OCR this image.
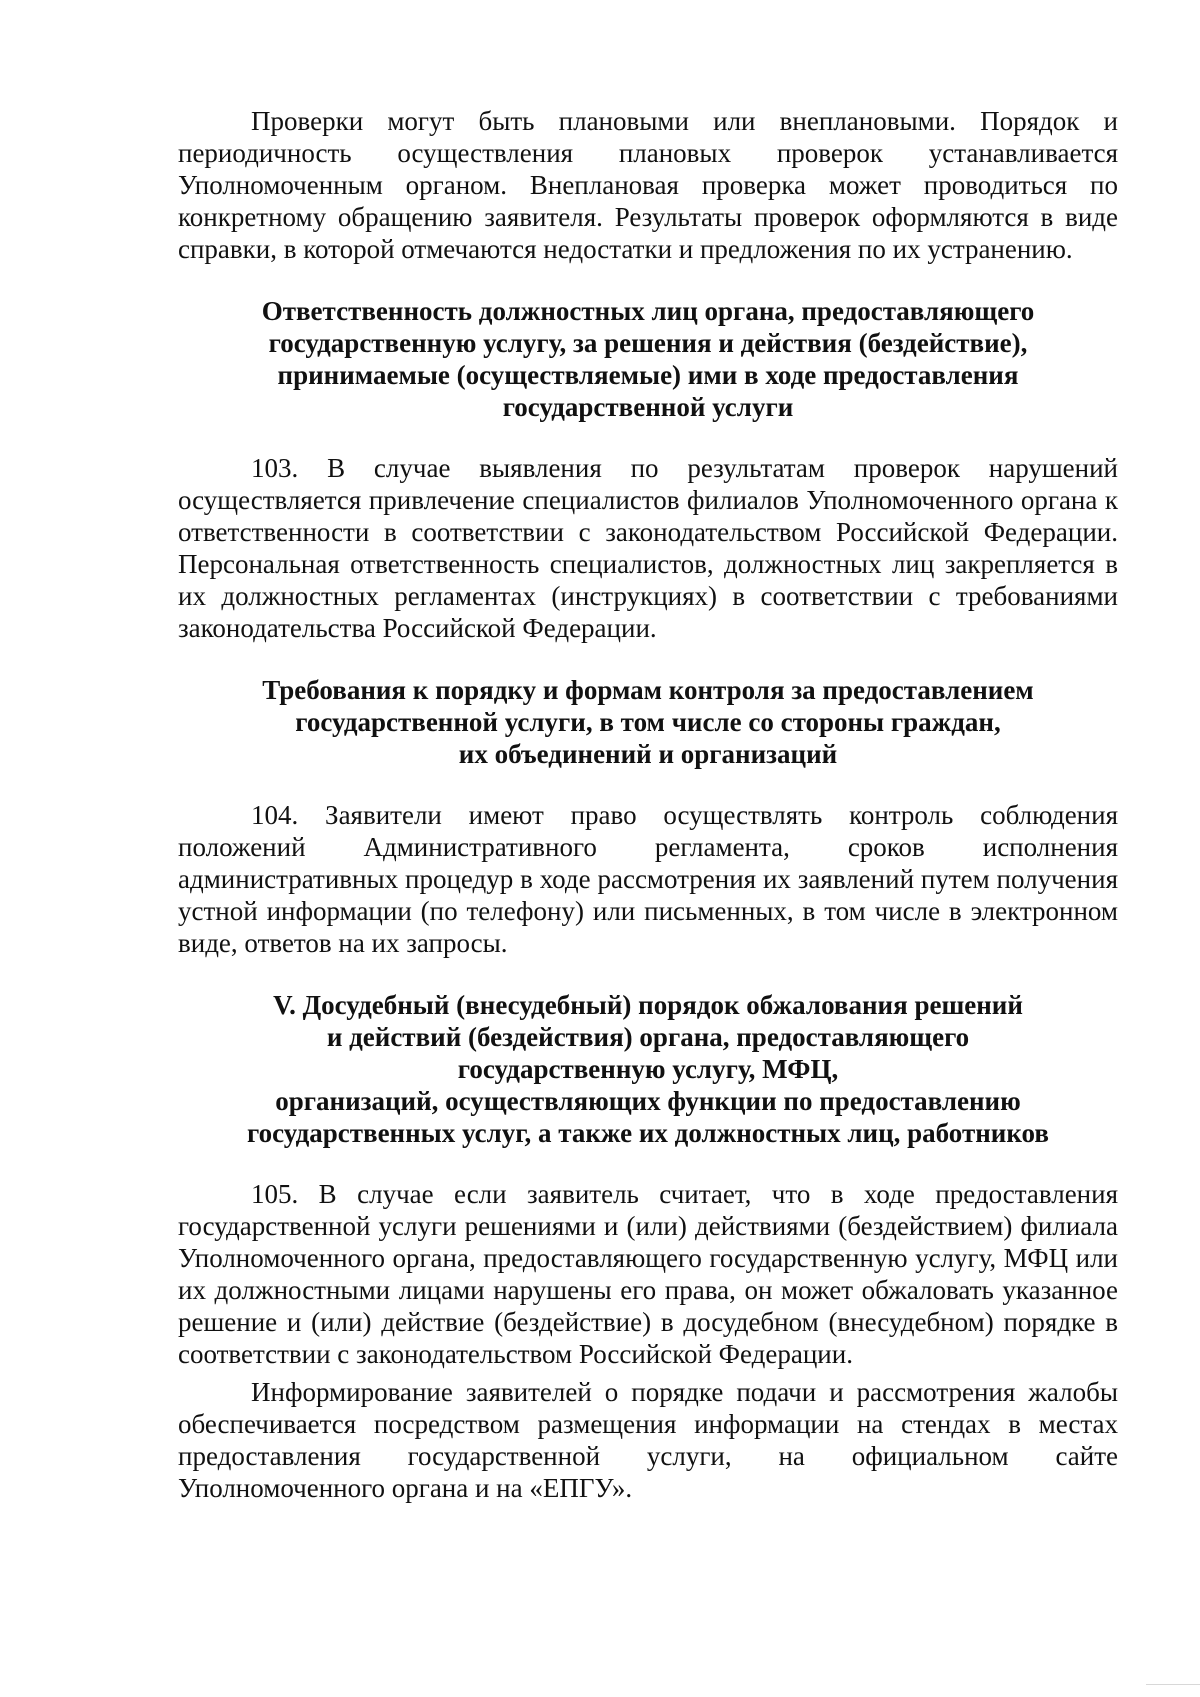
Проверки могут быть плановыми или внеплановыми. Порядок и периодичность осуществления плановых проверок устанавливается Уполномоченным органом. Внеплановая проверка может проводиться по конкретному обращению заявителя. Результаты проверок оформляются в виде справки, в которой отмечаются недостатки и предложения по их устранению.

Ответственность должностных лиц органа, предоставляющего

государственную услугу, за решения и действия (бездействие),

принимаемые (осуществляемые) ими в ходе предоставления

государственной услуги

103. В случае выявления по результатам проверок нарушений осуществляется привлечение специалистов филиалов Уполномоченного органа к ответственности в соответствии с законодательством Российской Федерации. Персональная ответственность специалистов, должностных лиц закрепляется в их должностных регламентах (инструкциях) в соответствии с требованиями законодательства Российской Федерации.

Требования к порядку и формам контроля за предоставлением

государственной услуги, в том числе со стороны граждан,

их объединений и организаций

104. Заявители имеют право осуществлять контроль соблюдения положений Административного регламента, сроков исполнения административных процедур в ходе рассмотрения их заявлений путем получения устной информации (по телефону) или письменных, в том числе в электронном виде, ответов на их запросы.

V. Досудебный (внесудебный) порядок обжалования решений

и действий (бездействия) органа, предоставляющего

государственную услугу, МФЦ,

организаций, осуществляющих функции по предоставлению

государственных услуг, а также их должностных лиц, работников

105. В случае если заявитель считает, что в ходе предоставления государственной услуги решениями и (или) действиями (бездействием) филиала Уполномоченного органа, предоставляющего государственную услугу, МФЦ или их должностными лицами нарушены его права, он может обжаловать указанное решение и (или) действие (бездействие) в досудебном (внесудебном) порядке в соответствии с законодательством Российской Федерации.

Информирование заявителей о порядке подачи и рассмотрения жалобы обеспечивается посредством размещения информации на стендах в местах предоставления государственной услуги, на официальном сайте Уполномоченного органа и на «ЕПГУ».
